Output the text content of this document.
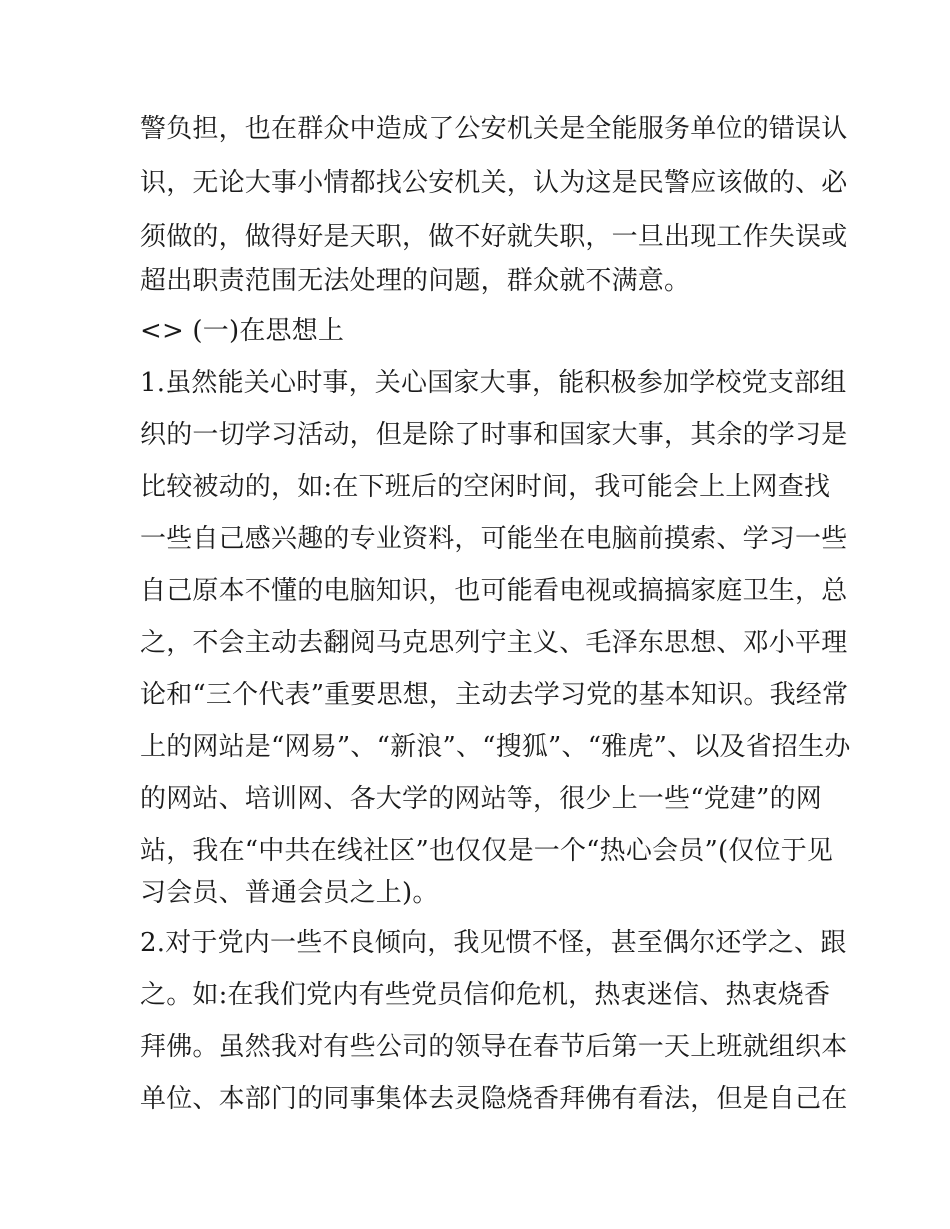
警负担，也在群众中造成了公安机关是全能服务单位的错误认
识，无论大事小情都找公安机关，认为这是民警应该做的、必
须做的，做得好是天职，做不好就失职，一旦出现工作失误或
超出职责范围无法处理的问题，群众就不满意。
<> (一)在思想上
1.虽然能关心时事，关心国家大事，能积极参加学校党支部组
织的一切学习活动，但是除了时事和国家大事，其余的学习是
比较被动的，如:在下班后的空闲时间，我可能会上上网查找
一些自己感兴趣的专业资料，可能坐在电脑前摸索、学习一些
自己原本不懂的电脑知识，也可能看电视或搞搞家庭卫生，总
之，不会主动去翻阅马克思列宁主义、毛泽东思想、邓小平理
论和“三个代表”重要思想，主动去学习党的基本知识。我经常
上的网站是“网易”、“新浪”、“搜狐”、“雅虎”、以及省招生办
的网站、培训网、各大学的网站等，很少上一些“党建”的网
站，我在“中共在线社区”也仅仅是一个“热心会员”(仅位于见
习会员、普通会员之上)。
2.对于党内一些不良倾向，我见惯不怪，甚至偶尔还学之、跟
之。如:在我们党内有些党员信仰危机，热衷迷信、热衷烧香
拜佛。虽然我对有些公司的领导在春节后第一天上班就组织本
单位、本部门的同事集体去灵隐烧香拜佛有看法，但是自己在
